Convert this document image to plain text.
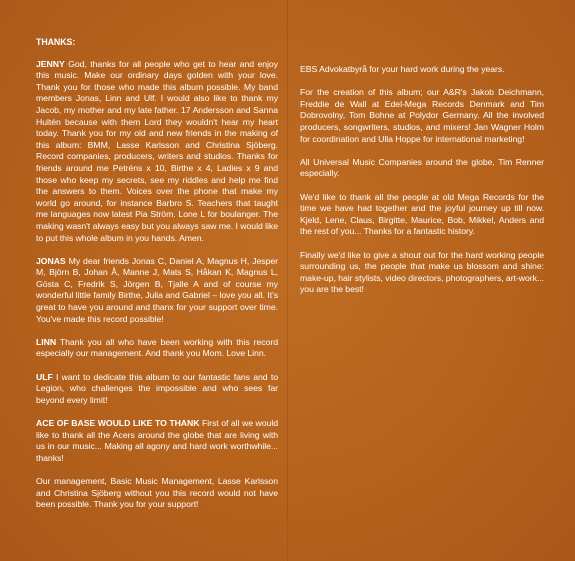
THANKS:

JENNY God, thanks for all people who get to hear and enjoy this music. Make our ordinary days golden with your love. Thank you for those who made this album possible. My band members Jonas, Linn and Ulf. I would also like to thank my Jacob, my mother and my late father. 17 Andersson and Sanna Hultén because with them Lord they wouldn't hear my heart today. Thank you for my old and new friends in the making of this album: BMM, Lasse Karlsson and Christina Sjöberg. Record companies, producers, writers and studios. Thanks for friends around me Petréns x 10, Birthe x 4, Ladies x 9 and those who keep my secrets, see my riddles and help me find the answers to them. Voices over the phone that make my world go around, for instance Barbro S. Teachers that taught me languages now latest Pia Ström. Lone L for boulanger. The making wasn't always easy but you always saw me. I would like to put this whole album in you hands. Amen.

JONAS My dear friends Jonas C, Daniel A, Magnus H, Jesper M, Björn B, Johan Å, Manne J, Mats S, Håkan K, Magnus L, Gösta C, Fredrik S, Jörgen B, Tjalle A and of course my wonderful little family Birthe, Julia and Gabriel – love you all. It's great to have you around and thanx for your support over time. You've made this record possible!

LINN Thank you all who have been working with this record especially our management. And thank you Mom. Love Linn.

ULF I want to dedicate this album to our fantastic fans and to Legion, who challenges the impossible and who sees far beyond every limit!

ACE OF BASE WOULD LIKE TO THANK First of all we would like to thank all the Acers around the globe that are living with us in our music... Making all agony and hard work worthwhile... thanks!

Our management, Basic Music Management, Lasse Karlsson and Christina Sjöberg without you this record would not have been possible. Thank you for your support!

EBS Advokatbyrå for your hard work during the years.

For the creation of this album; our A&R's Jakob Deichmann, Freddie de Wall at Edel-Mega Records Denmark and Tim Dobrovolny, Tom Bohne at Polydor Germany. All the involved producers, songwriters, studios, and mixers! Jan Wagner Holm for coordination and Ulla Hoppe for international marketing!

All Universal Music Companies around the globe, Tim Renner especially.

We'd like to thank all the people at old Mega Records for the time we have had together and the joyful journey up till now. Kjeld, Lene, Claus, Birgitte, Maurice, Bob, Mikkel, Anders and the rest of you... Thanks for a fantastic history.

Finally we'd like to give a shout out for the hard working people surrounding us, the people that make us blossom and shine: make-up, hair stylists, video directors, photographers, art-work... you are the best!
